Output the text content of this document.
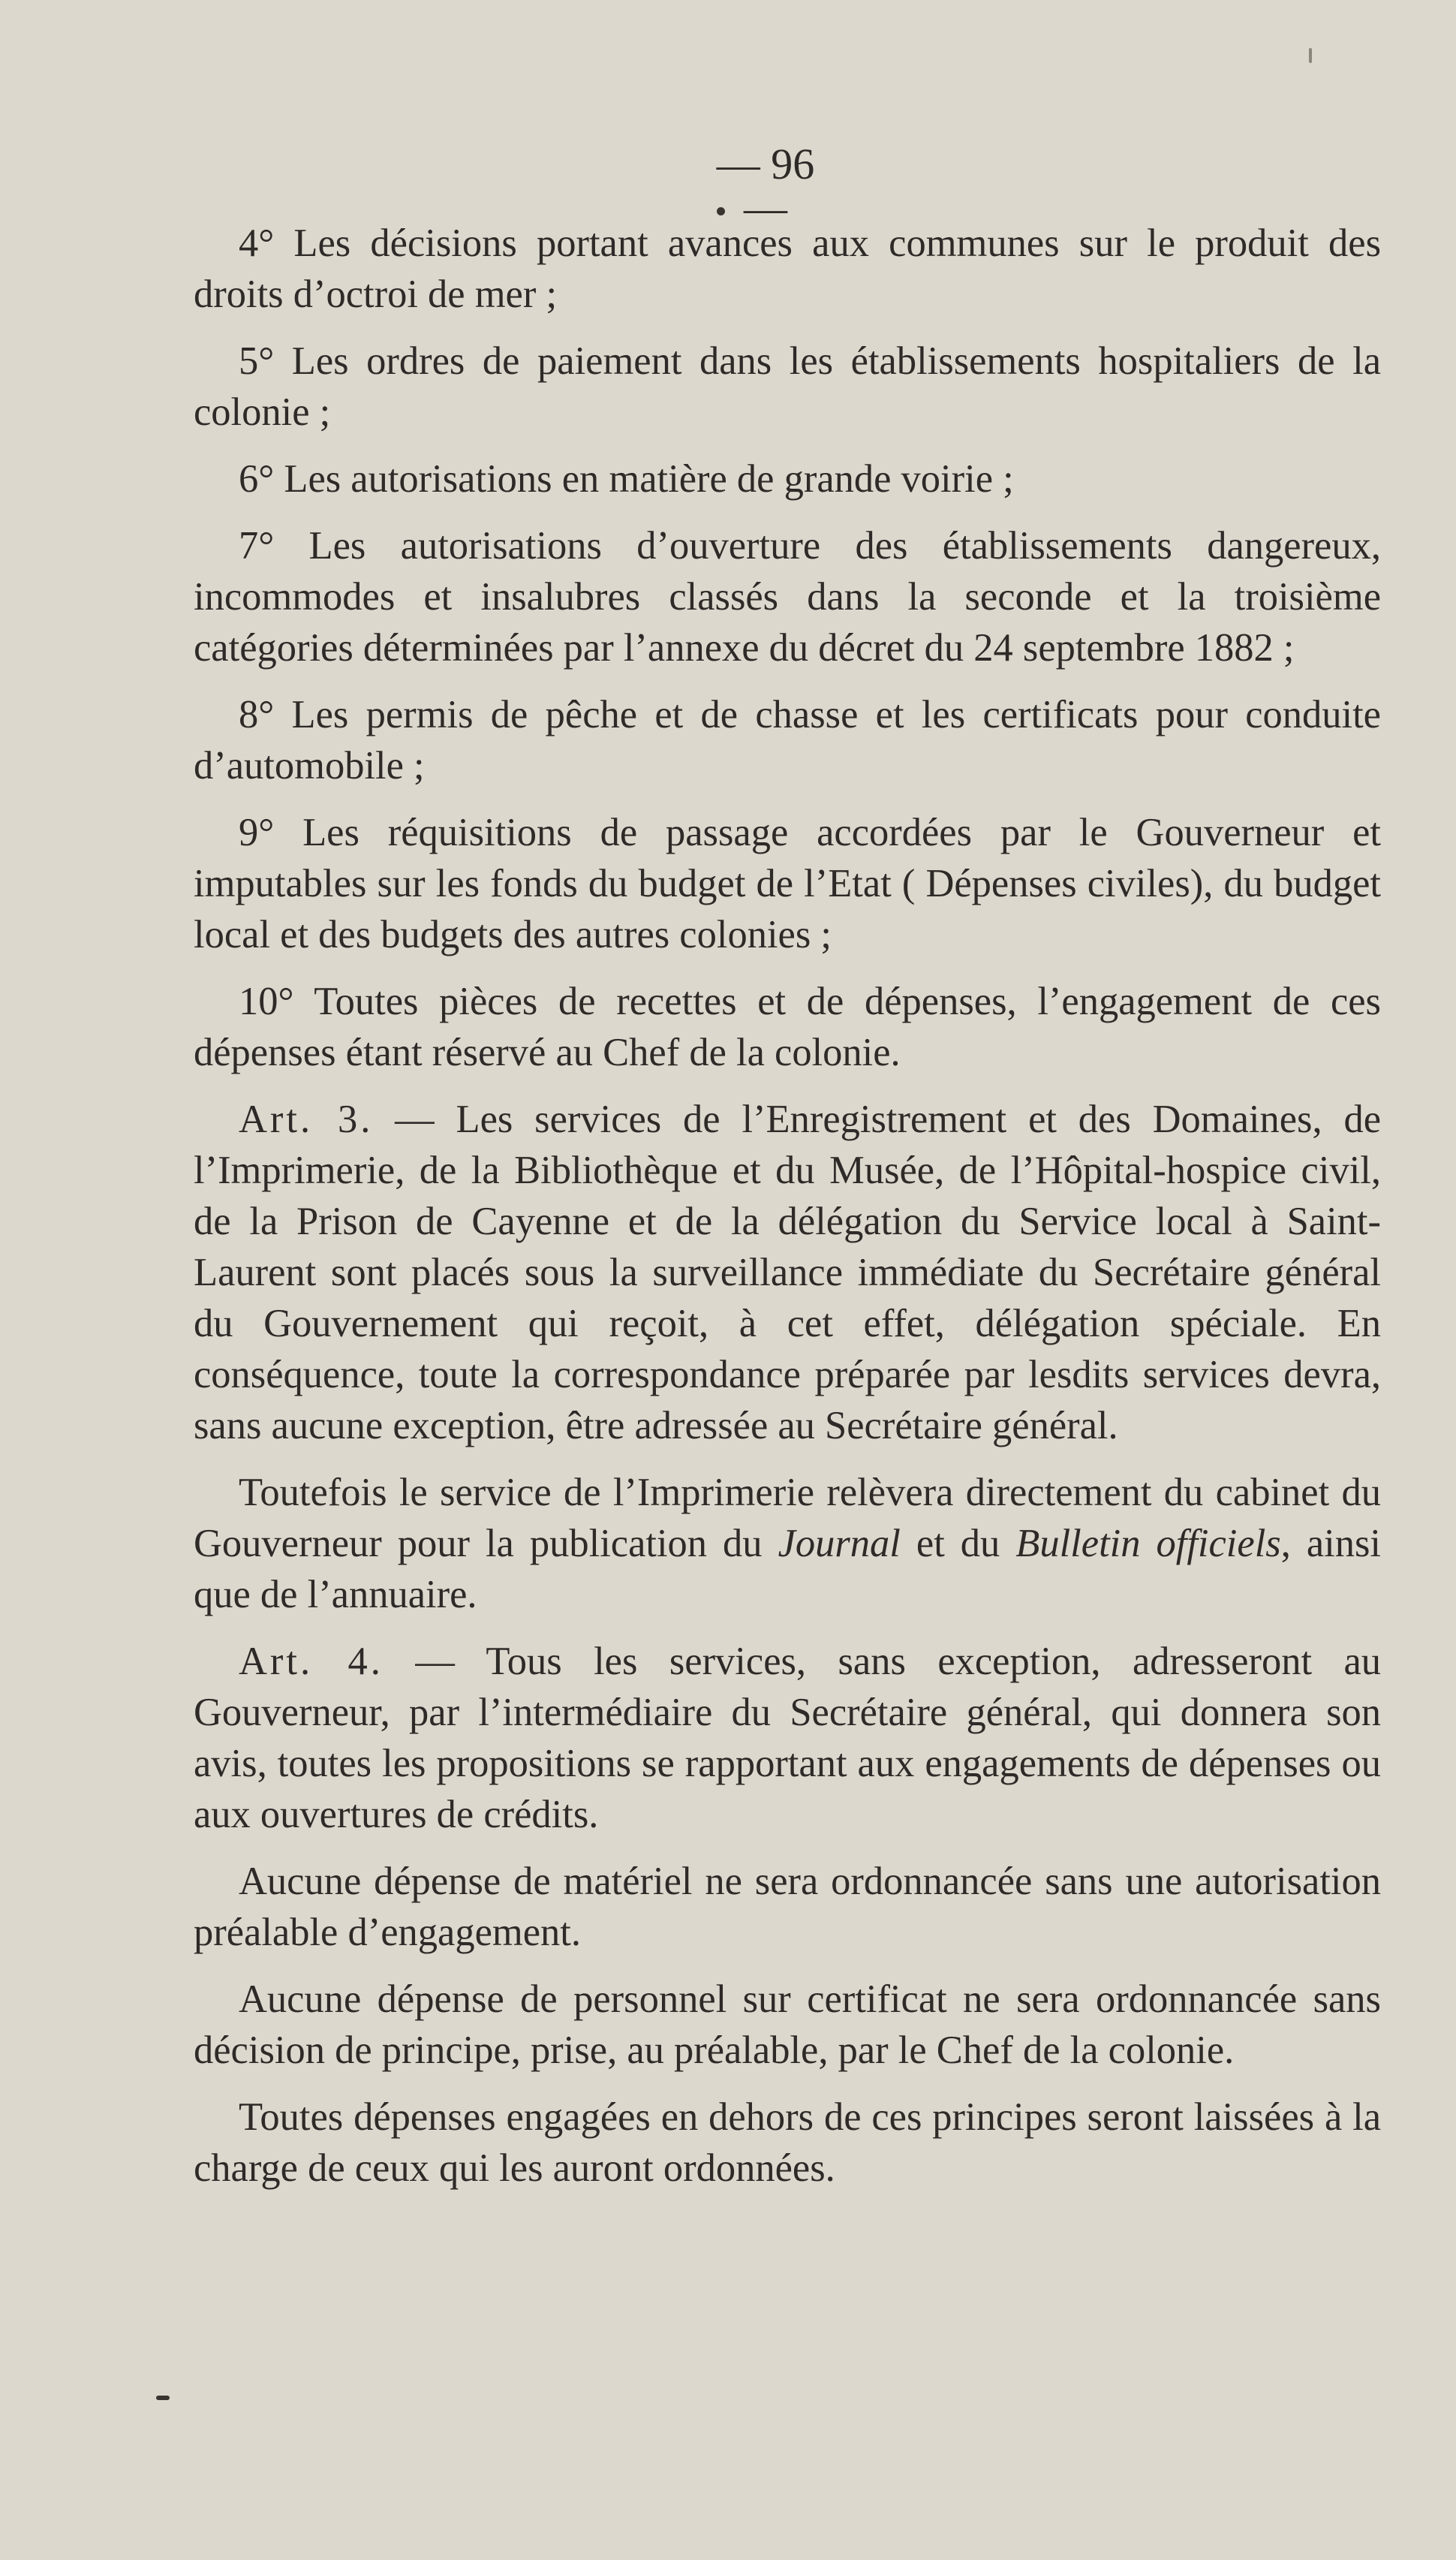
— 96 —

4° Les décisions portant avances aux communes sur le produit des droits d’octroi de mer ;

5° Les ordres de paiement dans les établissements hospitaliers de la colonie ;

6° Les autorisations en matière de grande voirie ;

7° Les autorisations d’ouverture des établissements dangereux, incommodes et insalubres classés dans la seconde et la troisième catégories déterminées par l’annexe du décret du 24 septembre 1882 ;

8° Les permis de pêche et de chasse et les certificats pour conduite d’automobile ;

9° Les réquisitions de passage accordées par le Gouverneur et imputables sur les fonds du budget de l’Etat ( Dépenses civiles), du budget local et des budgets des autres colonies ;

10° Toutes pièces de recettes et de dépenses, l’engagement de ces dépenses étant réservé au Chef de la colonie.

Art. 3. — Les services de l’Enregistrement et des Domaines, de l’Imprimerie, de la Bibliothèque et du Musée, de l’Hôpital-hospice civil, de la Prison de Cayenne et de la délégation du Service local à Saint-Laurent sont placés sous la surveillance immédiate du Secrétaire général du Gouvernement qui reçoit, à cet effet, délégation spéciale. En conséquence, toute la correspondance préparée par lesdits services devra, sans aucune exception, être adressée au Secrétaire général.

Toutefois le service de l’Imprimerie relèvera directement du cabinet du Gouverneur pour la publication du Journal et du Bulletin officiels, ainsi que de l’annuaire.

Art. 4. — Tous les services, sans exception, adresseront au Gouverneur, par l’intermédiaire du Secrétaire général, qui donnera son avis, toutes les propositions se rapportant aux engagements de dépenses ou aux ouvertures de crédits.

Aucune dépense de matériel ne sera ordonnancée sans une autorisation préalable d’engagement.

Aucune dépense de personnel sur certificat ne sera ordonnancée sans décision de principe, prise, au préalable, par le Chef de la colonie.

Toutes dépenses engagées en dehors de ces principes seront laissées à la charge de ceux qui les auront ordonnées.
